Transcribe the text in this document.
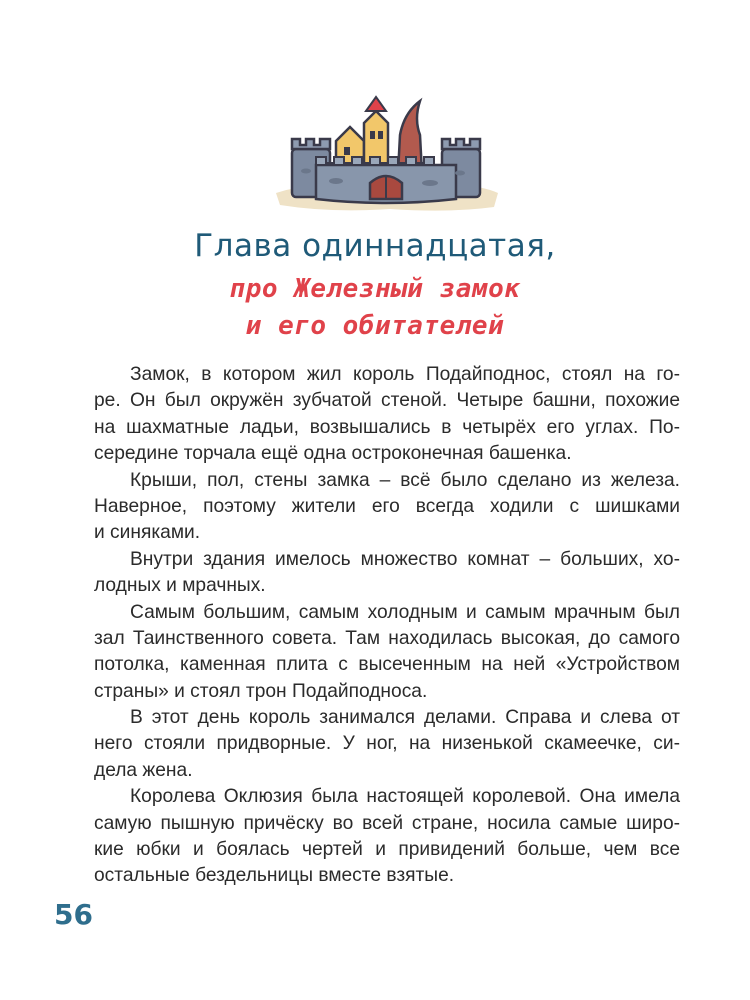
Глава одиннадцатая,
про Железный замок
и его обитателей
Замок, в котором жил король Подайподнос, стоял на го-
ре. Он был окружён зубчатой стеной. Четыре башни, похожие
на шахматные ладьи, возвышались в четырёх его углах. По-
середине торчала ещё одна остроконечная башенка.
Крыши, пол, стены замка – всё было сделано из железа.
Наверное, поэтому жители его всегда ходили с шишками
и синяками.
Внутри здания имелось множество комнат – больших, хо-
лодных и мрачных.
Самым большим, самым холодным и самым мрачным был
зал Таинственного совета. Там находилась высокая, до самого
потолка, каменная плита с высеченным на ней «Устройством
страны» и стоял трон Подайподноса.
В этот день король занимался делами. Справа и слева от
него стояли придворные. У ног, на низенькой скамеечке, си-
дела жена.
Королева Оклюзия была настоящей королевой. Она имела
самую пышную причёску во всей стране, носила самые широ-
кие юбки и боялась чертей и привидений больше, чем все
остальные бездельницы вместе взятые.
56
